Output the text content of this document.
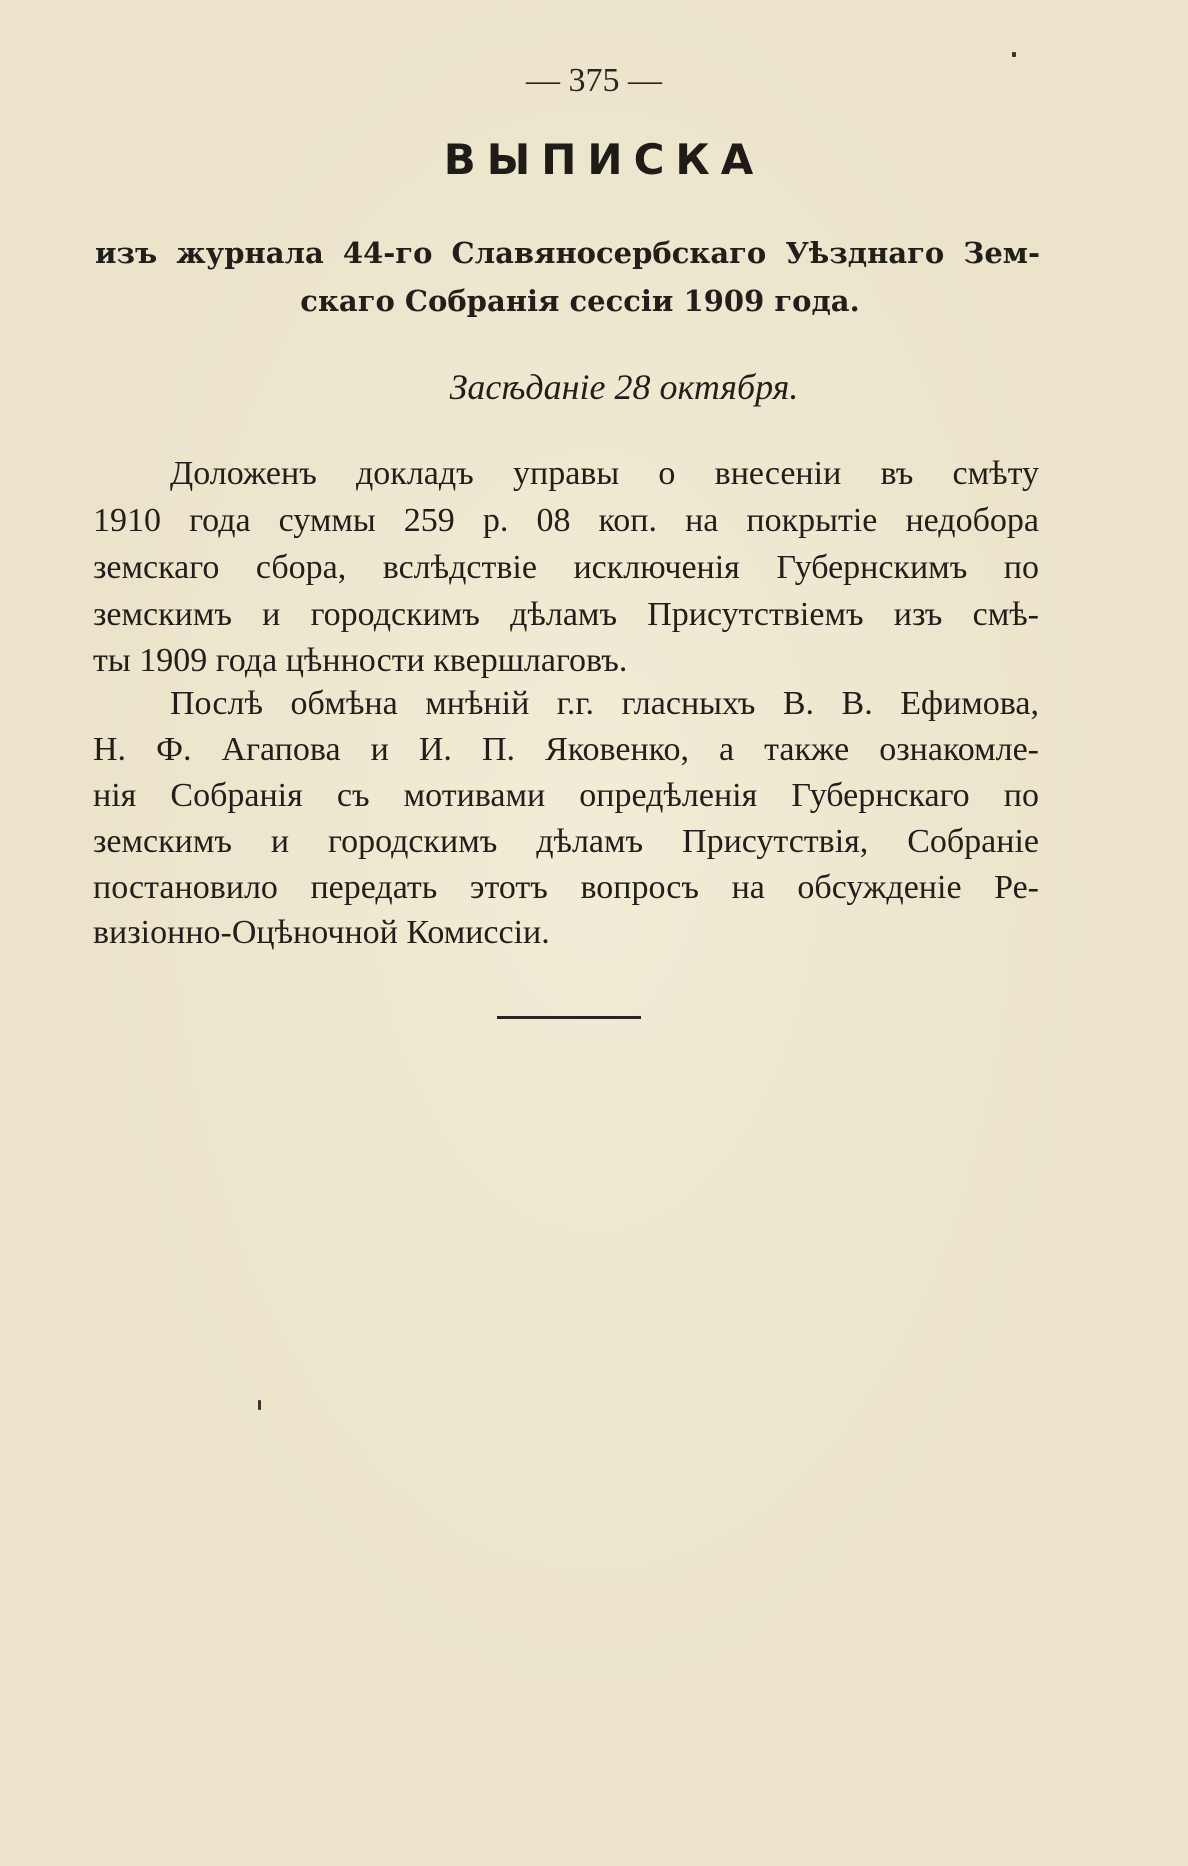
— 375 —
ВЫПИСКА
изъ журнала 44-го Славяносербскаго Уѣзднаго Зем-
скаго Собранія сессіи 1909 года.
Засѣданіе 28 октября.
Доложенъ докладъ управы о внесеніи въ смѣту
1910 года суммы 259 р. 08 коп. на покрытіе недобора
земскаго сбора, вслѣдствіе исключенія Губернскимъ по
земскимъ и городскимъ дѣламъ Присутствіемъ изъ смѣ-
ты 1909 года цѣнности квершлаговъ.
Послѣ обмѣна мнѣній г.г. гласныхъ В. В. Ефимова,
Н. Ф. Агапова и И. П. Яковенко, а также ознакомле-
нія Собранія съ мотивами опредѣленія Губернскаго по
земскимъ и городскимъ дѣламъ Присутствія, Собраніе
постановило передать этотъ вопросъ на обсужденіе Ре-
визіонно-Оцѣночной Комиссіи.
